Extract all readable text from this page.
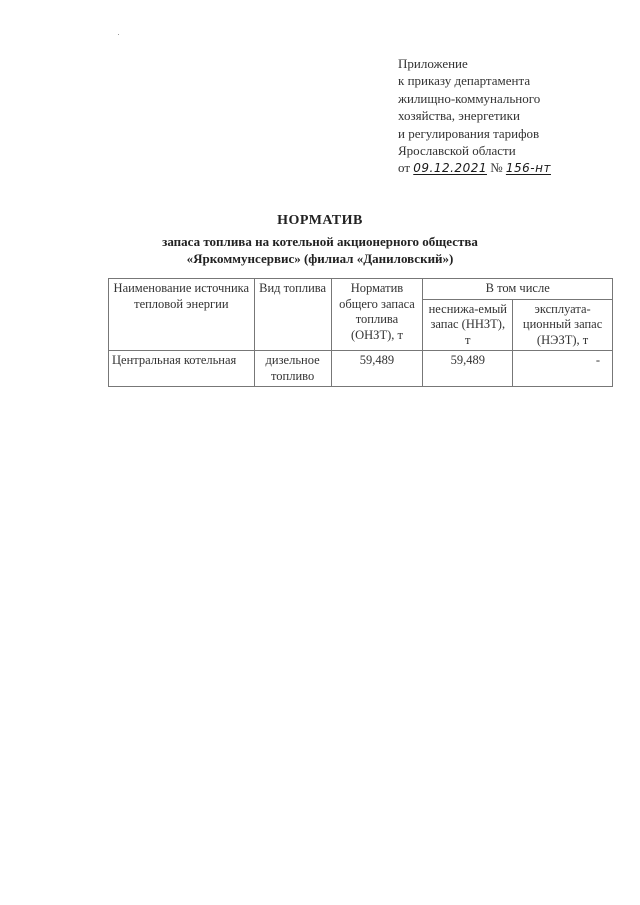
Приложение
к приказу департамента
жилищно-коммунального
хозяйства, энергетики
и регулирования тарифов
Ярославской области
от 09.12.2021 № 156-нт
НОРМАТИВ
запаса топлива на котельной акционерного общества
«Яркоммунсервис» (филиал «Даниловский»)
Наименование источника тепловой энергии	Вид топлива	Норматив общего запаса топлива (ОНЗТ), т	В том числе	
			неснижа-емый запас (ННЗТ), т	эксплуата-ционный запас (НЭЗТ), т
Центральная котельная	дизельное топливо	59,489	59,489	-
